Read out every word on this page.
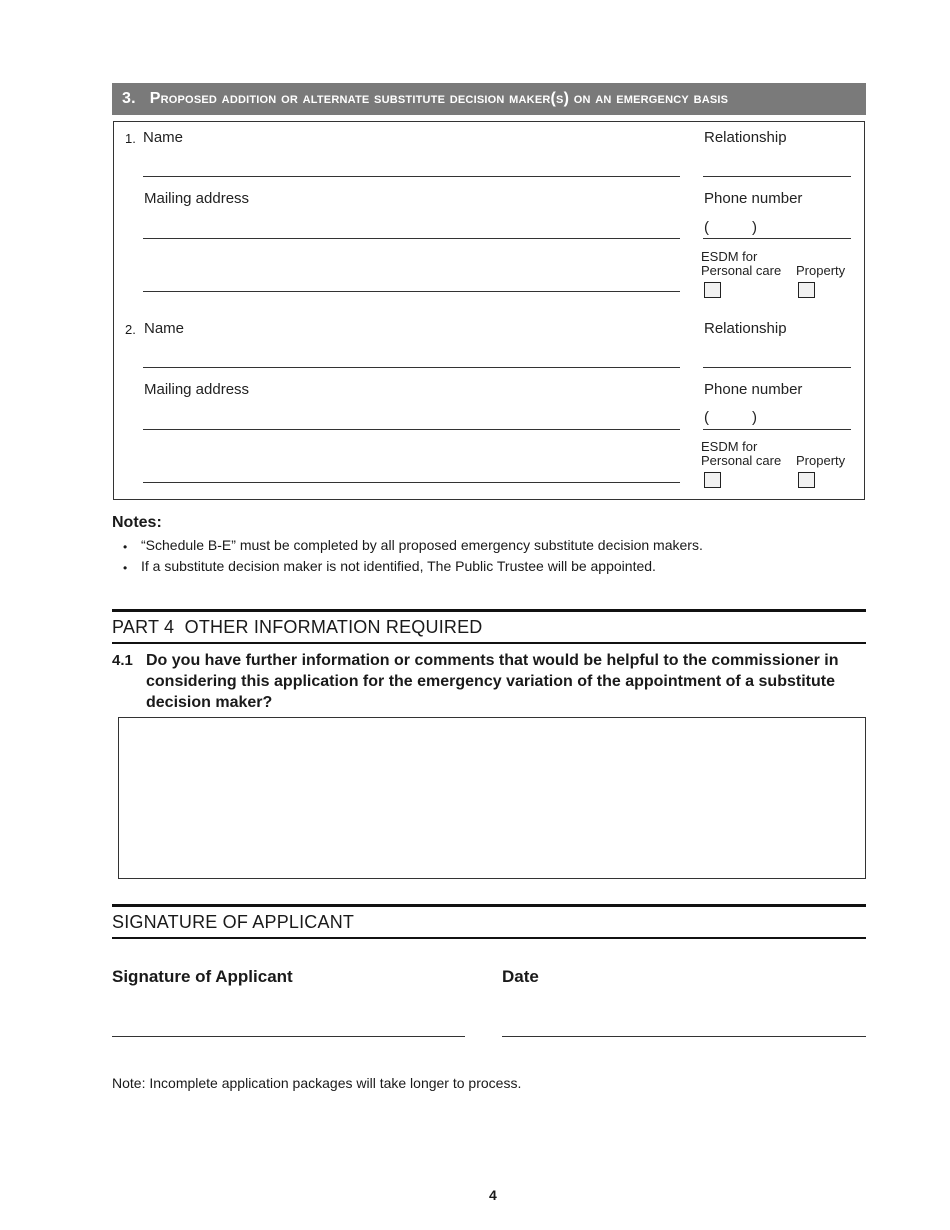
3. Proposed addition or alternate substitute decision maker(s) on an emergency basis
1. Name	Relationship
Mailing address	Phone number
(	)
ESDM for
Personal care Property
2. Name	Relationship
Mailing address	Phone number
(	)
ESDM for
Personal care Property
Notes:
• “Schedule B-E” must be completed by all proposed emergency substitute decision makers.
• If a substitute decision maker is not identified, The Public Trustee will be appointed.
PART 4 OTHER INFORMATION REQUIRED
4.1 Do you have further information or comments that would be helpful to the commissioner in considering this application for the emergency variation of the appointment of a substitute decision maker?
SIGNATURE OF APPLICANT
Signature of Applicant	Date
Note: Incomplete application packages will take longer to process.
4
